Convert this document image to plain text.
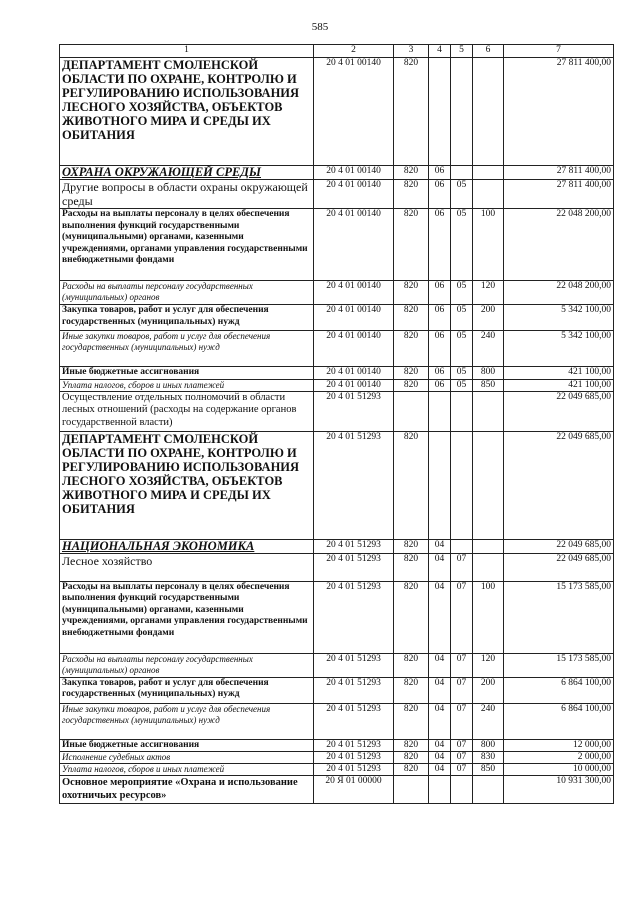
585
1	2	3	4	5	6	7
ДЕПАРТАМЕНТ СМОЛЕНСКОЙ ОБЛАСТИ ПО ОХРАНЕ, КОНТРОЛЮ И РЕГУЛИРОВАНИЮ ИСПОЛЬЗОВАНИЯ ЛЕСНОГО ХОЗЯЙСТВА, ОБЪЕКТОВ ЖИВОТНОГО МИРА И СРЕДЫ ИХ ОБИТАНИЯ	20 4 01 00140	820				27 811 400,00
ОХРАНА ОКРУЖАЮЩЕЙ СРЕДЫ	20 4 01 00140	820	06			27 811 400,00
Другие вопросы в области охраны окружающей среды	20 4 01 00140	820	06	05		27 811 400,00
Расходы на выплаты персоналу в целях обеспечения выполнения функций государственными (муниципальными) органами, казенными учреждениями, органами управления государственными внебюджетными фондами	20 4 01 00140	820	06	05	100	22 048 200,00
Расходы на выплаты персоналу государственных (муниципальных) органов	20 4 01 00140	820	06	05	120	22 048 200,00
Закупка товаров, работ и услуг для обеспечения государственных (муниципальных) нужд	20 4 01 00140	820	06	05	200	5 342 100,00
Иные закупки товаров, работ и услуг для обеспечения государственных (муниципальных) нужд	20 4 01 00140	820	06	05	240	5 342 100,00
Иные бюджетные ассигнования	20 4 01 00140	820	06	05	800	421 100,00
Уплата налогов, сборов и иных платежей	20 4 01 00140	820	06	05	850	421 100,00
Осуществление отдельных полномочий в области лесных отношений (расходы на содержание органов государственной власти)	20 4 01 51293					22 049 685,00
ДЕПАРТАМЕНТ СМОЛЕНСКОЙ ОБЛАСТИ ПО ОХРАНЕ, КОНТРОЛЮ И РЕГУЛИРОВАНИЮ ИСПОЛЬЗОВАНИЯ ЛЕСНОГО ХОЗЯЙСТВА, ОБЪЕКТОВ ЖИВОТНОГО МИРА И СРЕДЫ ИХ ОБИТАНИЯ	20 4 01 51293	820				22 049 685,00
НАЦИОНАЛЬНАЯ ЭКОНОМИКА	20 4 01 51293	820	04			22 049 685,00
Лесное хозяйство	20 4 01 51293	820	04	07		22 049 685,00
Расходы на выплаты персоналу в целях обеспечения выполнения функций государственными (муниципальными) органами, казенными учреждениями, органами управления государственными внебюджетными фондами	20 4 01 51293	820	04	07	100	15 173 585,00
Расходы на выплаты персоналу государственных (муниципальных) органов	20 4 01 51293	820	04	07	120	15 173 585,00
Закупка товаров, работ и услуг для обеспечения государственных (муниципальных) нужд	20 4 01 51293	820	04	07	200	6 864 100,00
Иные закупки товаров, работ и услуг для обеспечения государственных (муниципальных) нужд	20 4 01 51293	820	04	07	240	6 864 100,00
Иные бюджетные ассигнования	20 4 01 51293	820	04	07	800	12 000,00
Исполнение судебных актов	20 4 01 51293	820	04	07	830	2 000,00
Уплата налогов, сборов и иных платежей	20 4 01 51293	820	04	07	850	10 000,00
Основное мероприятие «Охрана и использование охотничьих ресурсов»	20 Я 01 00000					10 931 300,00
